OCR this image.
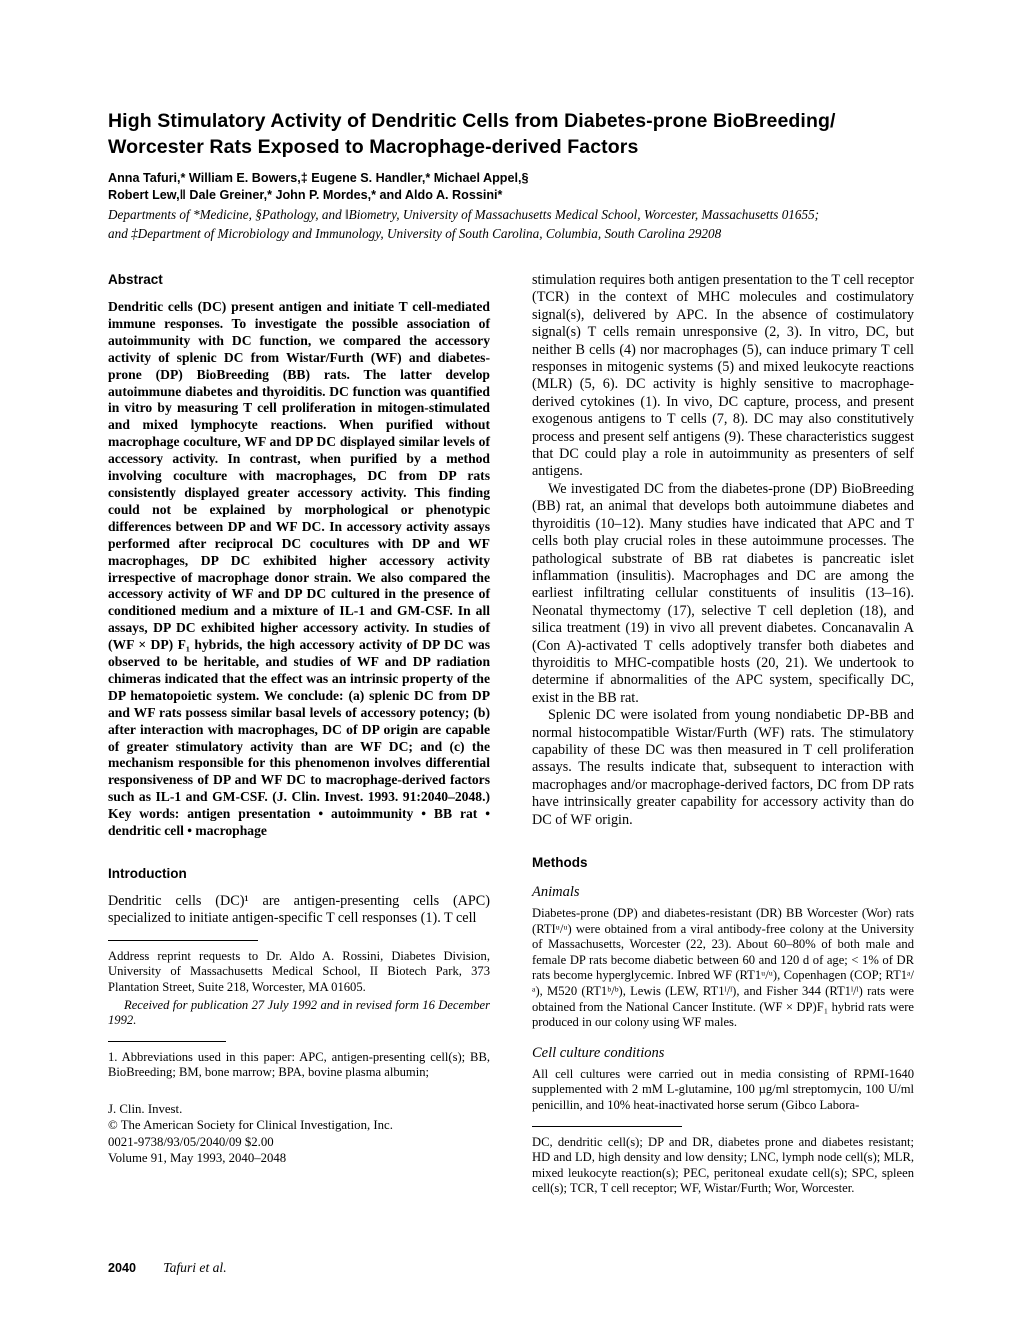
High Stimulatory Activity of Dendritic Cells from Diabetes-prone BioBreeding/ Worcester Rats Exposed to Macrophage-derived Factors
Anna Tafuri,* William E. Bowers,‡ Eugene S. Handler,* Michael Appel,§
Robert Lew,‖ Dale Greiner,* John P. Mordes,* and Aldo A. Rossini*
Departments of *Medicine, §Pathology, and ‖Biometry, University of Massachusetts Medical School, Worcester, Massachusetts 01655;
and ‡Department of Microbiology and Immunology, University of South Carolina, Columbia, South Carolina 29208
Abstract

Dendritic cells (DC) present antigen and initiate T cell-mediated immune responses. To investigate the possible association of autoimmunity with DC function, we compared the accessory activity of splenic DC from Wistar/Furth (WF) and diabetes-prone (DP) BioBreeding (BB) rats. The latter develop autoimmune diabetes and thyroiditis. DC function was quantified in vitro by measuring T cell proliferation in mitogen-stimulated and mixed lymphocyte reactions. When purified without macrophage coculture, WF and DP DC displayed similar levels of accessory activity. In contrast, when purified by a method involving coculture with macrophages, DC from DP rats consistently displayed greater accessory activity. This finding could not be explained by morphological or phenotypic differences between DP and WF DC. In accessory activity assays performed after reciprocal DC cocultures with DP and WF macrophages, DP DC exhibited higher accessory activity irrespective of macrophage donor strain. We also compared the accessory activity of WF and DP DC cultured in the presence of conditioned medium and a mixture of IL-1 and GM-CSF. In all assays, DP DC exhibited higher accessory activity. In studies of (WF × DP) F₁ hybrids, the high accessory activity of DP DC was observed to be heritable, and studies of WF and DP radiation chimeras indicated that the effect was an intrinsic property of the DP hematopoietic system. We conclude: (a) splenic DC from DP and WF rats possess similar basal levels of accessory potency; (b) after interaction with macrophages, DC of DP origin are capable of greater stimulatory activity than are WF DC; and (c) the mechanism responsible for this phenomenon involves differential responsiveness of DP and WF DC to macrophage-derived factors such as IL-1 and GM-CSF. (J. Clin. Invest. 1993. 91:2040–2048.) Key words: antigen presentation • autoimmunity • BB rat • dendritic cell • macrophage

Introduction

Dendritic cells (DC)¹ are antigen-presenting cells (APC) specialized to initiate antigen-specific T cell responses (1). T cell

Address reprint requests to Dr. Aldo A. Rossini, Diabetes Division, University of Massachusetts Medical School, II Biotech Park, 373 Plantation Street, Suite 218, Worcester, MA 01605.

Received for publication 27 July 1992 and in revised form 16 December 1992.

1. Abbreviations used in this paper: APC, antigen-presenting cell(s); BB, BioBreeding; BM, bone marrow; BPA, bovine plasma albumin;

J. Clin. Invest.
© The American Society for Clinical Investigation, Inc.
0021-9738/93/05/2040/09 $2.00
Volume 91, May 1993, 2040–2048

stimulation requires both antigen presentation to the T cell receptor (TCR) in the context of MHC molecules and costimulatory signal(s), delivered by APC. In the absence of costimulatory signal(s) T cells remain unresponsive (2, 3). In vitro, DC, but neither B cells (4) nor macrophages (5), can induce primary T cell responses in mitogenic systems (5) and mixed leukocyte reactions (MLR) (5, 6). DC activity is highly sensitive to macrophage-derived cytokines (1). In vivo, DC capture, process, and present exogenous antigens to T cells (7, 8). DC may also constitutively process and present self antigens (9). These characteristics suggest that DC could play a role in autoimmunity as presenters of self antigens.

We investigated DC from the diabetes-prone (DP) BioBreeding (BB) rat, an animal that develops both autoimmune diabetes and thyroiditis (10–12). Many studies have indicated that APC and T cells both play crucial roles in these autoimmune processes. The pathological substrate of BB rat diabetes is pancreatic islet inflammation (insulitis). Macrophages and DC are among the earliest infiltrating cellular constituents of insulitis (13–16). Neonatal thymectomy (17), selective T cell depletion (18), and silica treatment (19) in vivo all prevent diabetes. Concanavalin A (Con A)-activated T cells adoptively transfer both diabetes and thyroiditis to MHC-compatible hosts (20, 21). We undertook to determine if abnormalities of the APC system, specifically DC, exist in the BB rat.

Splenic DC were isolated from young nondiabetic DP-BB and normal histocompatible Wistar/Furth (WF) rats. The stimulatory capability of these DC was then measured in T cell proliferation assays. The results indicate that, subsequent to interaction with macrophages and/or macrophage-derived factors, DC from DP rats have intrinsically greater capability for accessory activity than do DC of WF origin.

Methods
Animals

Diabetes-prone (DP) and diabetes-resistant (DR) BB Worcester (Wor) rats (RTIᵘ/ᵘ) were obtained from a viral antibody-free colony at the University of Massachusetts, Worcester (22, 23). About 60–80% of both male and female DP rats become diabetic between 60 and 120 d of age; < 1% of DR rats become hyperglycemic. Inbred WF (RT1ᵘ/ᵘ), Copenhagen (COP; RT1ᵃ/ᵃ), M520 (RT1ᵇ/ᵇ), Lewis (LEW, RT1ˡ/ˡ), and Fisher 344 (RT1ˡ/ˡ) rats were obtained from the National Cancer Institute. (WF × DP)F₁ hybrid rats were produced in our colony using WF males.

Cell culture conditions

All cell cultures were carried out in media consisting of RPMI-1640 supplemented with 2 mM L-glutamine, 100 µg/ml streptomycin, 100 U/ml penicillin, and 10% heat-inactivated horse serum (Gibco Labora-

DC, dendritic cell(s); DP and DR, diabetes prone and diabetes resistant; HD and LD, high density and low density; LNC, lymph node cell(s); MLR, mixed leukocyte reaction(s); PEC, peritoneal exudate cell(s); SPC, spleen cell(s); TCR, T cell receptor; WF, Wistar/Furth; Wor, Worcester.

2040 Tafuri et al.
